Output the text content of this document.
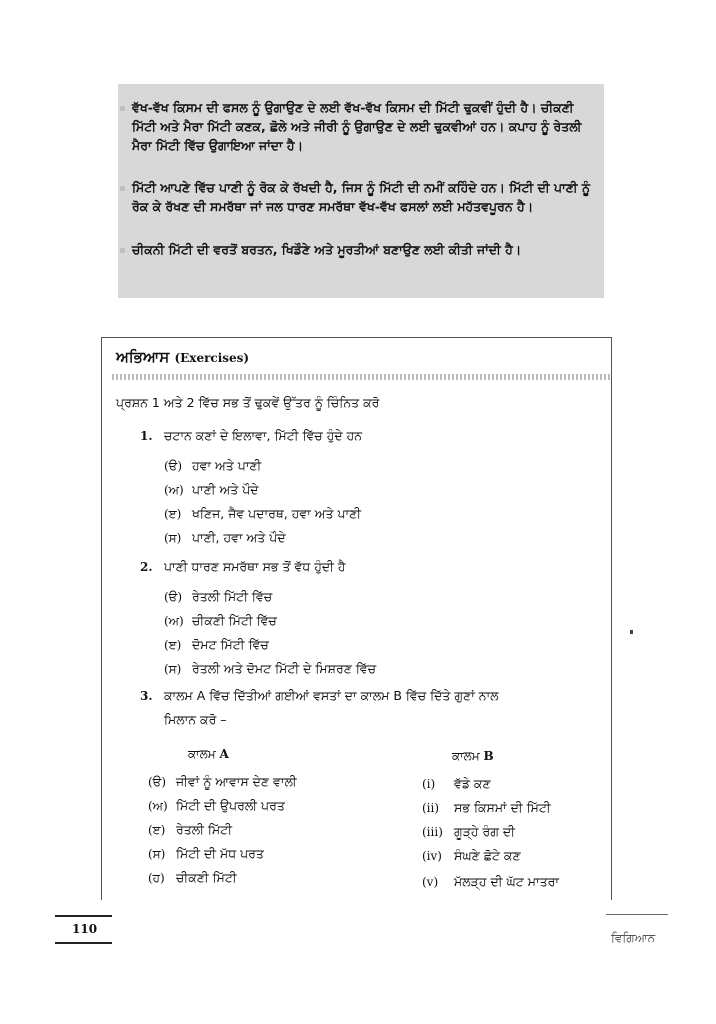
ਵੱਖ-ਵੱਖ ਕਿਸਮ ਦੀ ਫਸਲ ਨੂੰ ਉਗਾਉਣ ਦੇ ਲਈ ਵੱਖ-ਵੱਖ ਕਿਸਮ ਦੀ ਮਿੱਟੀ ਢੁਕਵੀਂ ਹੁੰਦੀ ਹੈ। ਚੀਕਣੀ ਮਿੱਟੀ ਅਤੇ ਮੈਰਾ ਮਿੱਟੀ ਕਣਕ, ਛੋਲੇ ਅਤੇ ਜੀਰੀ ਨੂੰ ਉਗਾਉਣ ਦੇ ਲਈ ਢੁਕਵੀਆਂ ਹਨ। ਕਪਾਹ ਨੂੰ ਰੇਤਲੀ ਮੈਰਾ ਮਿੱਟੀ ਵਿੱਚ ਉਗਾਇਆ ਜਾਂਦਾ ਹੈ।
ਮਿੱਟੀ ਆਪਣੇ ਵਿੱਚ ਪਾਣੀ ਨੂੰ ਰੋਕ ਕੇ ਰੱਖਦੀ ਹੈ, ਜਿਸ ਨੂੰ ਮਿੱਟੀ ਦੀ ਨਮੀਂ ਕਹਿੰਦੇ ਹਨ। ਮਿੱਟੀ ਦੀ ਪਾਣੀ ਨੂੰ ਰੋਕ ਕੇ ਰੱਖਣ ਦੀ ਸਮਰੱਥਾ ਜਾਂ ਜਲ ਧਾਰਣ ਸਮਰੱਥਾ ਵੱਖ-ਵੱਖ ਫਸਲਾਂ ਲਈ ਮਹੱਤਵਪੂਰਨ ਹੈ।
ਚੀਕਨੀ ਮਿੱਟੀ ਦੀ ਵਰਤੋਂ ਬਰਤਨ, ਖਿਡੌਣੇ ਅਤੇ ਮੂਰਤੀਆਂ ਬਣਾਉਣ ਲਈ ਕੀਤੀ ਜਾਂਦੀ ਹੈ।
ਅਭਿਆਸ (Exercises)
ਪ੍ਰਸ਼ਨ 1 ਅਤੇ 2 ਵਿੱਚ ਸਭ ਤੋਂ ਢੁਕਵੇਂ ਉੱਤਰ ਨੂੰ ਚਿੰਨਿਤ ਕਰੋ
1. ਚਟਾਨ ਕਣਾਂ ਦੇ ਇਲਾਵਾ, ਮਿੱਟੀ ਵਿੱਚ ਹੁੰਦੇ ਹਨ
(ੳ) ਹਵਾ ਅਤੇ ਪਾਣੀ
(ਅ) ਪਾਣੀ ਅਤੇ ਪੌਦੇ
(ੲ) ਖਣਿਜ, ਜੈਵ ਪਦਾਰਥ, ਹਵਾ ਅਤੇ ਪਾਣੀ
(ਸ) ਪਾਣੀ, ਹਵਾ ਅਤੇ ਪੌਦੇ
2. ਪਾਣੀ ਧਾਰਣ ਸਮਰੱਥਾ ਸਭ ਤੋਂ ਵੱਧ ਹੁੰਦੀ ਹੈ
(ੳ) ਰੇਤਲੀ ਮਿੱਟੀ ਵਿੱਚ
(ਅ) ਚੀਕਣੀ ਮਿੱਟੀ ਵਿੱਚ
(ੲ) ਦੋਮਟ ਮਿੱਟੀ ਵਿੱਚ
(ਸ) ਰੇਤਲੀ ਅਤੇ ਦੋਮਟ ਮਿੱਟੀ ਦੇ ਮਿਸ਼ਰਣ ਵਿੱਚ
3. ਕਾਲਮ A ਵਿੱਚ ਦਿੱਤੀਆਂ ਗਈਆਂ ਵਸਤਾਂ ਦਾ ਕਾਲਮ B ਵਿੱਚ ਦਿੱਤੇ ਗੁਣਾਂ ਨਾਲ
ਮਿਲਾਨ ਕਰੋ –
ਕਾਲਮ A	ਕਾਲਮ B
(ੳ) ਜੀਵਾਂ ਨੂੰ ਆਵਾਸ ਦੇਣ ਵਾਲੀ
(ਅ) ਮਿੱਟੀ ਦੀ ਉਪਰਲੀ ਪਰਤ
(ੲ) ਰੇਤਲੀ ਮਿੱਟੀ
(ਸ) ਮਿੱਟੀ ਦੀ ਮੱਧ ਪਰਤ
(ਹ) ਚੀਕਣੀ ਮਿੱਟੀ
(i) ਵੱਡੇ ਕਣ
(ii) ਸਭ ਕਿਸਮਾਂ ਦੀ ਮਿੱਟੀ
(iii) ਗੂੜ੍ਹੇ ਰੰਗ ਦੀ
(iv) ਸੰਘਣੇ ਛੋਟੇ ਕਣ
(v) ਮੱਲੜ੍ਹ ਦੀ ਘੱਟ ਮਾਤਰਾ
110
ਵਿਗਿਆਨ
